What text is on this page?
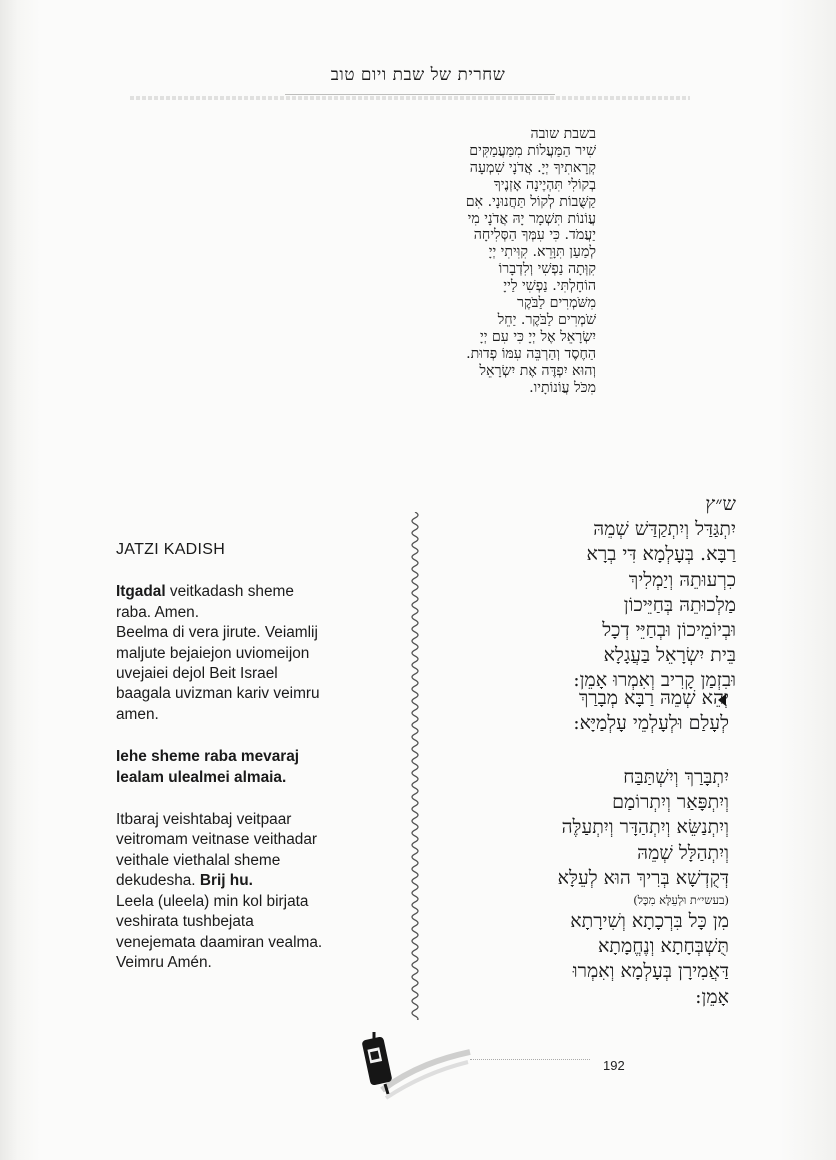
שחרית של שבת ויום טוב
בשבת שובה
שִׁיר הַמַּעֲלוֹת מִמַּעֲמַקִּים
קְרָאתִיךָ יְיָ. אֲדֹנָי שִׁמְעָה
בְקוֹלִי תִּהְיֶינָה אָזְנֶיךָ
קַשֻּׁבוֹת לְקוֹל תַּחֲנוּנָי. אִם
עֲוֹנוֹת תִּשְׁמָר יָהּ אֲדֹנָי מִי
יַעֲמֹד. כִּי עִמְּךָ הַסְּלִיחָה
לְמַעַן תִּוָּרֵא. קִוִּיתִי יְיָ
קִוְּתָה נַפְשִׁי וְלִדְבָרוֹ
הוֹחָלְתִּי. נַפְשִׁי לַייָ
מִשֹּׁמְרִים לַבֹּקֶר
שֹׁמְרִים לַבֹּקֶר. יַחֵל
יִשְׂרָאֵל אֶל יְיָ כִּי עִם יְיָ
הַחֶסֶד וְהַרְבֵּה עִמּוֹ פְדוּת.
וְהוּא יִפְדֶּה אֶת יִשְׂרָאֵל
מִכֹּל עֲוֹנוֹתָיו.
ש״ץ
יִתְגַּדַּל וְיִתְקַדַּשׁ שְׁמֵהּ
רַבָּא. בְּעָלְמָא דִּי בְרָא
כִרְעוּתֵהּ וְיַמְלִיךְ
מַלְכוּתֵהּ בְּחַיֵּיכוֹן
וּבְיוֹמֵיכוֹן וּבְחַיֵּי דְכָל
בֵּית יִשְׂרָאֵל בַּעֲגָלָא
וּבִזְמַן קָרִיב וְאִמְרוּ אָמֵן:
יְהֵא שְׁמֵהּ רַבָּא מְבָרַךְ
לְעָלַם וּלְעָלְמֵי עָלְמַיָּא:
יִתְבָּרַךְ וְיִשְׁתַּבַּח
וְיִתְפָּאַר וְיִתְרוֹמַם
וְיִתְנַשֵּׂא וְיִתְהַדָּר וְיִתְעַלֶּה
וְיִתְהַלָּל שְׁמֵהּ
דְּקֻדְשָׁא בְּרִיךְ הוּא לְעֵלָּא
(בעשי״ת וּלְעֵלָּא מִכָּל)
מִן כָּל בִּרְכָתָא וְשִׁירָתָא
תֻּשְׁבְּחָתָא וְנֶחֱמָתָא
דַּאֲמִירָן בְּעָלְמָא וְאִמְרוּ
אָמֵן:
JATZI KADISH

Itgadal veitkadash sheme
raba. Amen.
Beelma di vera jirute. Veiamlij
maljute bejaiejon uviomeijon
uvejaiei dejol Beit Israel
baagala uvizman kariv veimru
amen.

Iehe sheme raba mevaraj
lealam ulealmei almaia.

Itbaraj veishtabaj veitpaar
veitromam veitnase veithadar
veithale viethalal sheme
dekudesha. Brij hu.
Leela (uleela) min kol birjata
veshirata tushbejata
venejemata daamiran vealma.
Veimru Amén.

192
